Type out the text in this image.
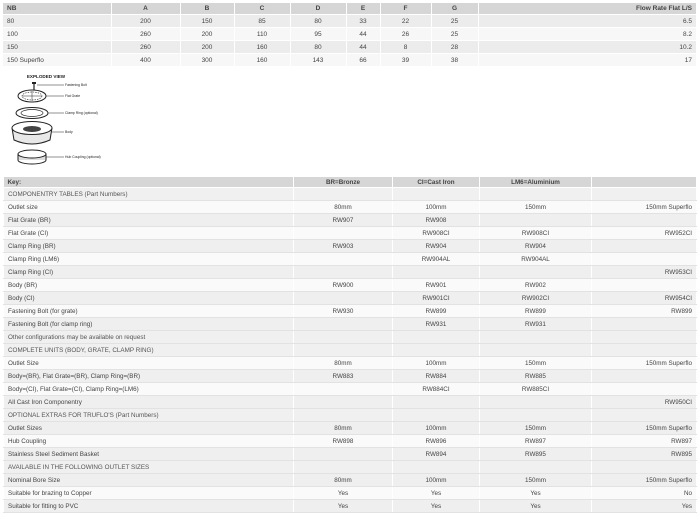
NB	A	B	C	D	E	F	G	Flow Rate Flat L/S
80	200	150	85	80	33	22	25	6.5
100	260	200	110	95	44	26	25	8.2
150	260	200	160	80	44	8	28	10.2
150 Superflo	400	300	160	143	66	39	38	17
EXPLODED VIEW
Fastening Bolt
Flat Grate
Clamp Ring (optional)
Body
Hub Coupling (optional)
Key:	BR=Bronze	CI=Cast Iron	LM6=Aluminium	
COMPONENTRY TABLES (Part Numbers)				
Outlet size	80mm	100mm	150mm	150mm Superflo
Flat Grate (BR)	RW907	RW908		
Flat Grate (CI)		RW908CI	RW908CI	RW952CI
Clamp Ring (BR)	RW903	RW904	RW904	
Clamp Ring (LM6)		RW904AL	RW904AL	
Clamp Ring (CI)				RW953CI
Body (BR)	RW900	RW901	RW902	
Body (CI)		RW901CI	RW902CI	RW954CI
Fastening Bolt (for grate)	RW930	RW899	RW899	RW899
Fastening Bolt (for clamp ring)		RW931	RW931	
Other configurations may be available on request				
COMPLETE UNITS (BODY, GRATE, CLAMP RING)				
Outlet Size	80mm	100mm	150mm	150mm Superflo
Body=(BR), Flat Grate=(BR), Clamp Ring=(BR)	RW883	RW884	RW885	
Body=(CI), Flat Grate=(CI), Clamp Ring=(LM6)		RW884CI	RW885CI	
All Cast Iron Componentry				RW950CI
OPTIONAL EXTRAS FOR TRUFLO'S (Part Numbers)				
Outlet Sizes	80mm	100mm	150mm	150mm Superflo
Hub Coupling	RW898	RW896	RW897	RW897
Stainless Steel Sediment Basket		RW894	RW895	RW895
AVAILABLE IN THE FOLLOWING OUTLET SIZES				
Nominal Bore Size	80mm	100mm	150mm	150mm Superflo
Suitable for brazing to Copper	Yes	Yes	Yes	No
Suitable for fitting to PVC	Yes	Yes	Yes	Yes
